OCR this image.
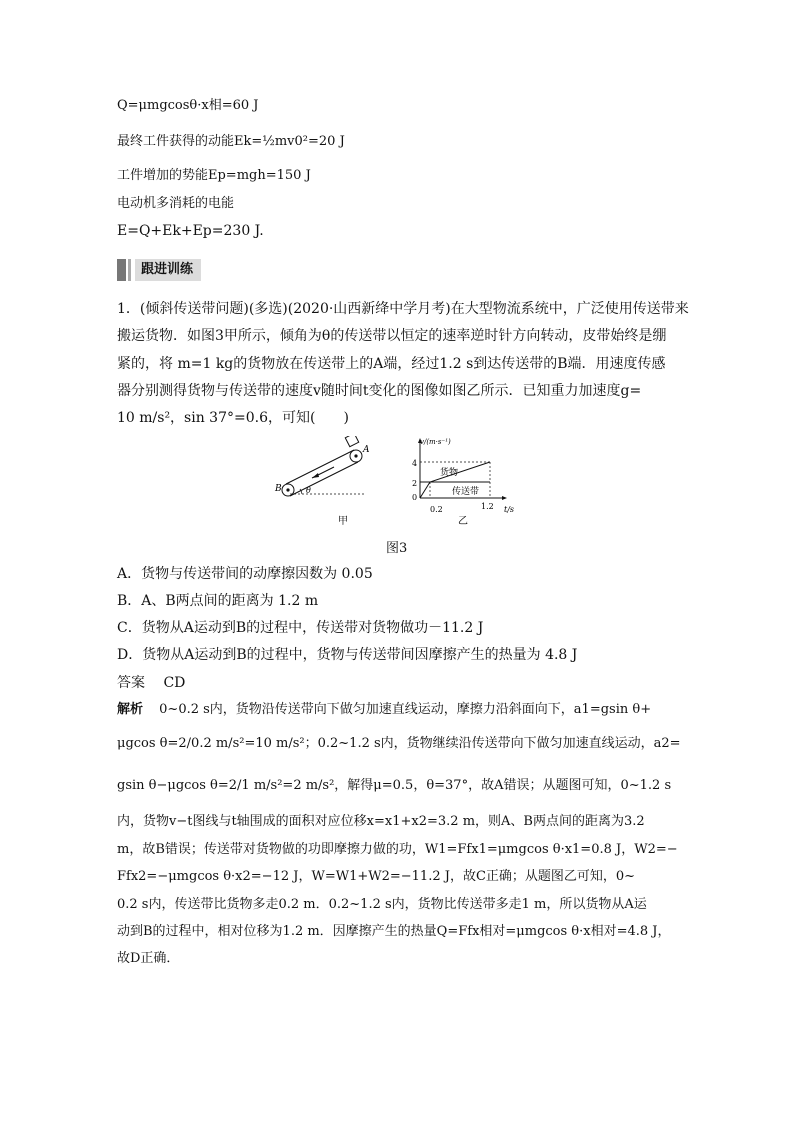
Q=μmgcosθ·x相=60 J
最终工件获得的动能Ek=½mv0²=20 J
工件增加的势能Ep=mgh=150 J
电动机多消耗的电能
E=Q+Ek+Ep=230 J.
跟进训练
1．(倾斜传送带问题)(多选)(2020·山西新绛中学月考)在大型物流系统中，广泛使用传送带来
搬运货物．如图3甲所示，倾角为θ的传送带以恒定的速率逆时针方向转动，皮带始终是绷
紧的，将 m=1 kg的货物放在传送带上的A端，经过1.2 s到达传送带的B端．用速度传感
器分别测得货物与传送带的速度v随时间t变化的图像如图乙所示．已知重力加速度g=
10 m/s²，sin 37°=0.6，可知(　　)
θ
B
A
甲
v/(m·s⁻¹)
t/s
4
2
0
0.2	1.2
货物
传送带
乙
图3
A．货物与传送带间的动摩擦因数为 0.05
B．A、B两点间的距离为 1.2 m
C．货物从A运动到B的过程中，传送带对货物做功－11.2 J
D．货物从A运动到B的过程中，货物与传送带间因摩擦产生的热量为 4.8 J
答案 CD
解析 0~0.2 s内，货物沿传送带向下做匀加速直线运动，摩擦力沿斜面向下，a1=gsin θ+
μgcos θ=2/0.2 m/s²=10 m/s²；0.2~1.2 s内，货物继续沿传送带向下做匀加速直线运动，a2=
gsin θ−μgcos θ=2/1 m/s²=2 m/s²，解得μ=0.5，θ=37°，故A错误；从题图可知，0~1.2 s
内，货物v−t图线与t轴围成的面积对应位移x=x1+x2=3.2 m，则A、B两点间的距离为3.2
m，故B错误；传送带对货物做的功即摩擦力做的功，W1=Ffx1=μmgcos θ·x1=0.8 J，W2=−
Ffx2=−μmgcos θ·x2=−12 J，W=W1+W2=−11.2 J，故C正确；从题图乙可知，0~
0.2 s内，传送带比货物多走0.2 m．0.2~1.2 s内，货物比传送带多走1 m，所以货物从A运
动到B的过程中，相对位移为1.2 m．因摩擦产生的热量Q=Ffx相对=μmgcos θ·x相对=4.8 J，
故D正确．
